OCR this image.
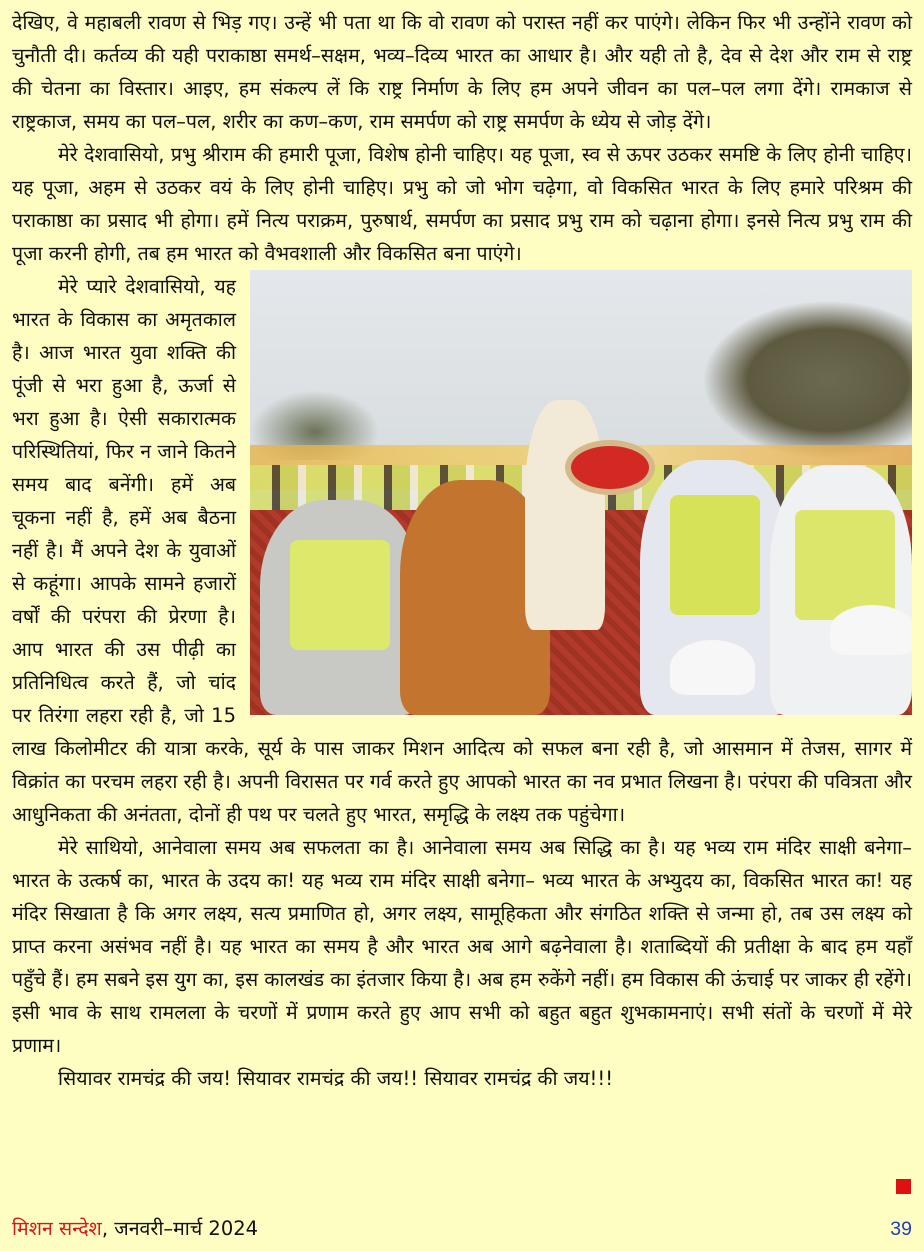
देखिए, वे महाबली रावण से भिड़ गए। उन्हें भी पता था कि वो रावण को परास्त नहीं कर पाएंगे। लेकिन फिर भी उन्होंने रावण को चुनौती दी। कर्तव्य की यही पराकाष्ठा समर्थ–सक्षम, भव्य–दिव्य भारत का आधार है। और यही तो है, देव से देश और राम से राष्ट्र की चेतना का विस्तार। आइए, हम संकल्प लें कि राष्ट्र निर्माण के लिए हम अपने जीवन का पल–पल लगा देंगे। रामकाज से राष्ट्रकाज, समय का पल–पल, शरीर का कण–कण, राम समर्पण को राष्ट्र समर्पण के ध्येय से जोड़ देंगे।

मेरे देशवासियो, प्रभु श्रीराम की हमारी पूजा, विशेष होनी चाहिए। यह पूजा, स्व से ऊपर उठकर समष्टि के लिए होनी चाहिए। यह पूजा, अहम से उठकर वयं के लिए होनी चाहिए। प्रभु को जो भोग चढ़ेगा, वो विकसित भारत के लिए हमारे परिश्रम की पराकाष्ठा का प्रसाद भी होगा। हमें नित्य पराक्रम, पुरुषार्थ, समर्पण का प्रसाद प्रभु राम को चढ़ाना होगा। इनसे नित्य प्रभु राम की पूजा करनी होगी, तब हम भारत को वैभवशाली और विकसित बना पाएंगे।

मेरे प्यारे देशवासियो, यह भारत के विकास का अमृतकाल है। आज भारत युवा शक्ति की पूंजी से भरा हुआ है, ऊर्जा से भरा हुआ है। ऐसी सकारात्मक परिस्थितियां, फिर न जाने कितने समय बाद बनेंगी। हमें अब चूकना नहीं है, हमें अब बैठना नहीं है। मैं अपने देश के युवाओं से कहूंगा। आपके सामने हजारों वर्षों की परंपरा की प्रेरणा है। आप भारत की उस पीढ़ी का प्रतिनिधित्व करते हैं, जो चांद पर तिरंगा लहरा रही है, जो 15 लाख किलोमीटर की यात्रा करके, सूर्य के पास जाकर मिशन आदित्य को सफल बना रही है, जो आसमान में तेजस, सागर में विक्रांत का परचम लहरा रही है। अपनी विरासत पर गर्व करते हुए आपको भारत का नव प्रभात लिखना है। परंपरा की पवित्रता और आधुनिकता की अनंतता, दोनों ही पथ पर चलते हुए भारत, समृद्धि के लक्ष्य तक पहुंचेगा।

मेरे साथियो, आनेवाला समय अब सफलता का है। आनेवाला समय अब सिद्धि का है। यह भव्य राम मंदिर साक्षी बनेगा– भारत के उत्कर्ष का, भारत के उदय का! यह भव्य राम मंदिर साक्षी बनेगा– भव्य भारत के अभ्युदय का, विकसित भारत का! यह मंदिर सिखाता है कि अगर लक्ष्य, सत्य प्रमाणित हो, अगर लक्ष्य, सामूहिकता और संगठित शक्ति से जन्मा हो, तब उस लक्ष्य को प्राप्त करना असंभव नहीं है। यह भारत का समय है और भारत अब आगे बढ़नेवाला है। शताब्दियों की प्रतीक्षा के बाद हम यहाँ पहुँचे हैं। हम सबने इस युग का, इस कालखंड का इंतजार किया है। अब हम रुकेंगे नहीं। हम विकास की ऊंचाई पर जाकर ही रहेंगे। इसी भाव के साथ रामलला के चरणों में प्रणाम करते हुए आप सभी को बहुत बहुत शुभकामनाएं। सभी संतों के चरणों में मेरे प्रणाम।

सियावर रामचंद्र की जय! सियावर रामचंद्र की जय!! सियावर रामचंद्र की जय!!!

मिशन सन्देश, जनवरी–मार्च 2024	39
